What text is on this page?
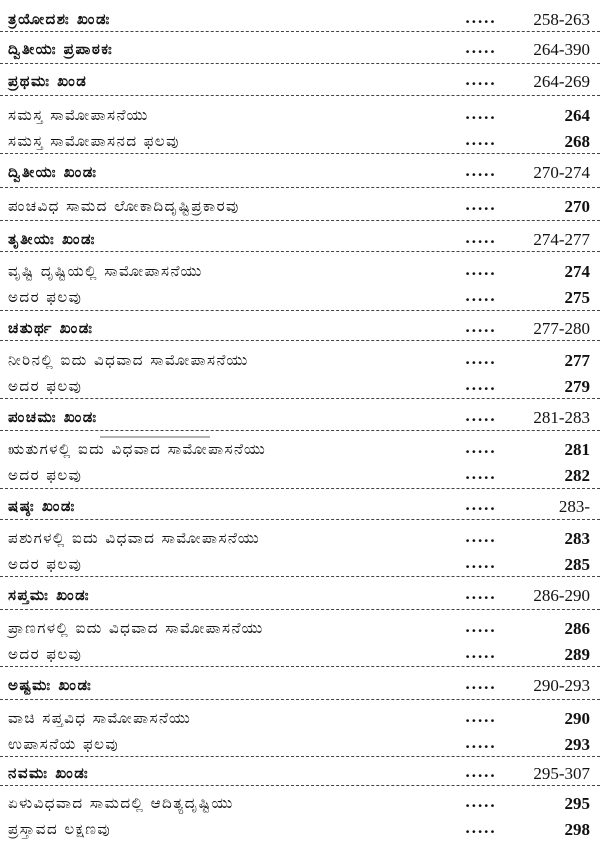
ತ್ರಯೋದಶಃ ಖಂಡಃ	..... 258-263
ದ್ವಿತೀಯಃ ಪ್ರಪಾಠಕಃ	..... 264-390
ಪ್ರಥಮಃ ಖಂಡ	..... 264-269
ಸಮಸ್ತ ಸಾಮೋಪಾಸನೆಯು	.....	264
ಸಮಸ್ತ ಸಾಮೋಪಾಸನದ ಫಲವು	.....	268
ದ್ವಿತೀಯಃ ಖಂಡಃ	..... 270-274
ಪಂಚವಿಧ ಸಾಮದ ಲೋಕಾದಿದೃಷ್ಟಿಪ್ರಕಾರವು	.....	270
ತೃತೀಯಃ ಖಂಡಃ	..... 274-277
ವೃಷ್ಟಿ ದೃಷ್ಟಿಯಲ್ಲಿ ಸಾಮೋಪಾಸನೆಯು	.....	274
ಅದರ ಫಲವು	.....	275
ಚತುರ್ಥ ಖಂಡಃ	..... 277-280
ನೀರಿನಲ್ಲಿ ಐದು ವಿಧವಾದ ಸಾಮೋಪಾಸನೆಯು	.....	277
ಅದರ ಫಲವು	.....	279
ಪಂಚಮಃ ಖಂಡಃ	..... 281-283
ಋತುಗಳಲ್ಲಿ ಐದು ವಿಧವಾದ ಸಾಮೋಪಾಸನೆಯು	.....	281
ಅದರ ಫಲವು	.....	282
ಷಷ್ಠಃ ಖಂಡಃ	.....	283-
ಪಶುಗಳಲ್ಲಿ ಐದು ವಿಧವಾದ ಸಾಮೋಪಾಸನೆಯು	.....	283
ಅದರ ಫಲವು	.....	285
ಸಪ್ತಮಃ ಖಂಡಃ	..... 286-290
ಪ್ರಾಣಗಳಲ್ಲಿ ಐದು ವಿಧವಾದ ಸಾಮೋಪಾಸನೆಯು	.....	286
ಅದರ ಫಲವು	.....	289
ಅಷ್ಟಮಃ ಖಂಡಃ	..... 290-293
ವಾಚಿ ಸಪ್ತವಿಧ ಸಾಮೋಪಾಸನೆಯು	.....	290
ಉಪಾಸನೆಯ ಫಲವು	.....	293
ನವಮಃ ಖಂಡಃ	..... 295-307
ಏಳುವಿಧವಾದ ಸಾಮದಲ್ಲಿ ಆದಿತ್ಯದೃಷ್ಟಿಯು	.....	295
ಪ್ರಸ್ತಾವದ ಲಕ್ಷಣವು	.....	298
